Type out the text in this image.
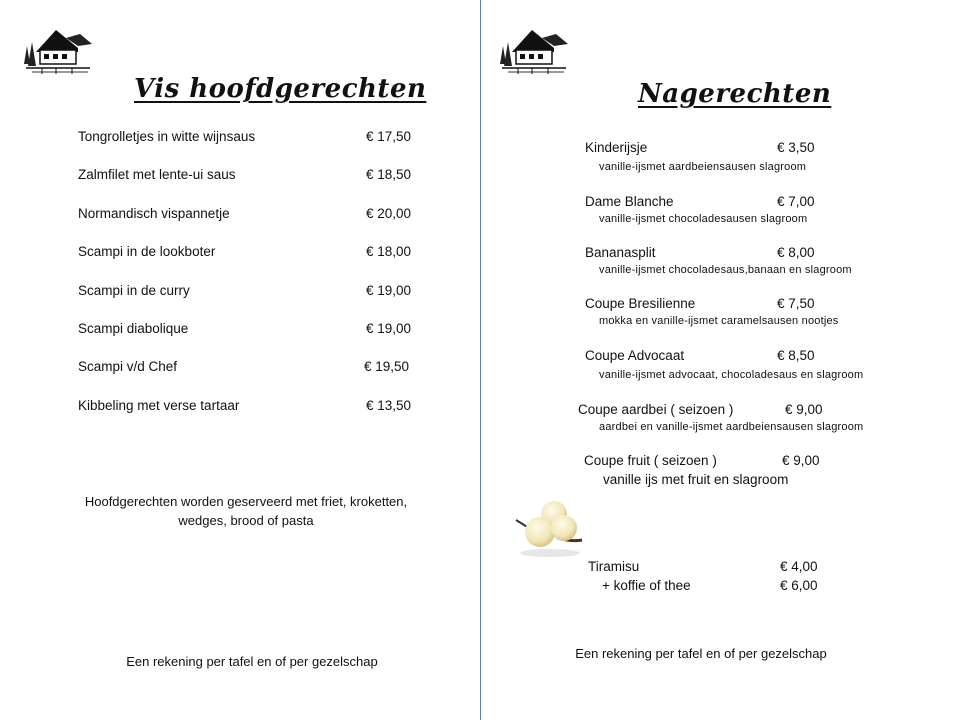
Vis hoofdgerechten
Tongrolletjes in witte wijnsaus	€ 17,50
Zalmfilet met lente-ui saus	€ 18,50
Normandisch vispannetje	€ 20,00
Scampi in de lookboter	€ 18,00
Scampi in de curry	€ 19,00
Scampi diabolique	€ 19,00
Scampi v/d Chef	€ 19,50
Kibbeling met verse tartaar	€ 13,50
Hoofdgerechten worden geserveerd met friet, kroketten,
wedges, brood of pasta
Een rekening per tafel en of per gezelschap
Nagerechten
Kinderijsje	€ 3,50
vanille-ijsmet aardbeiensausen slagroom
Dame Blanche	€ 7,00
vanille-ijsmet chocoladesausen slagroom
Bananasplit	€ 8,00
vanille-ijsmet chocoladesaus,banaan en slagroom
Coupe Bresilienne	€ 7,50
mokka en vanille-ijsmet caramelsausen nootjes
Coupe Advocaat	€ 8,50
vanille-ijsmet advocaat, chocoladesaus en slagroom
Coupe aardbei ( seizoen )	€ 9,00
aardbei en vanille-ijsmet aardbeiensausen slagroom
Coupe fruit ( seizoen )	€ 9,00
vanille ijs met fruit en slagroom
Tiramisu	€ 4,00
+ koffie of thee	€ 6,00
Een rekening per tafel en of per gezelschap
